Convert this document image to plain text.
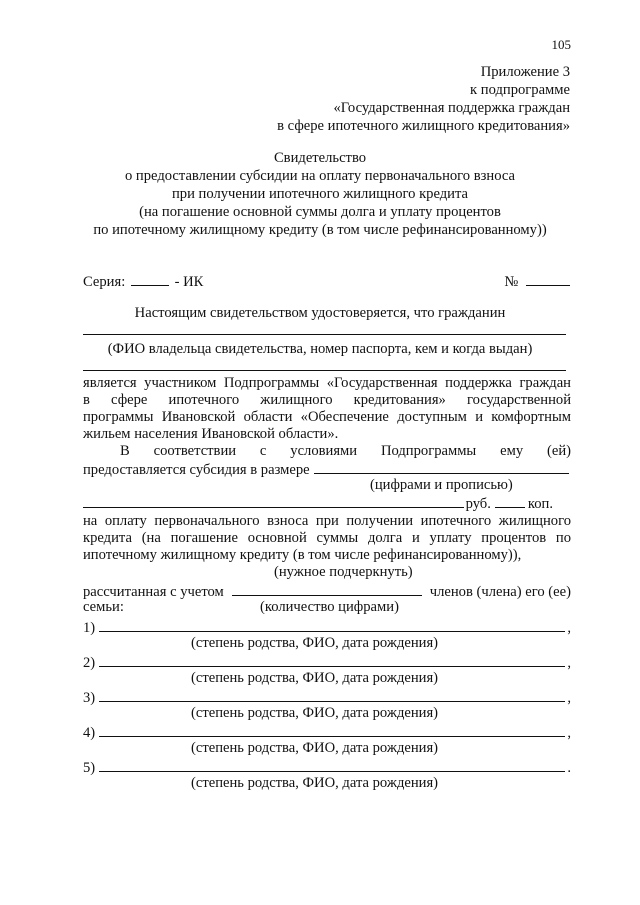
105
Приложение 3
к подпрограмме
«Государственная поддержка граждан
в сфере ипотечного жилищного кредитования»
Свидетельство
о предоставлении субсидии на оплату первоначального взноса
при получении ипотечного жилищного кредита
(на погашение основной суммы долга и уплату процентов
по ипотечному жилищному кредиту (в том числе рефинансированному))
Серия:	- ИК	№
Настоящим свидетельством удостоверяется, что гражданин
(ФИО владельца свидетельства, номер паспорта, кем и когда выдан)
является участником Подпрограммы «Государственная поддержка граждан
в сфере ипотечного жилищного кредитования» государственной
программы Ивановской области «Обеспечение доступным и комфортным
жильем населения Ивановской области».
В соответствии с условиями Подпрограммы ему (ей)
предоставляется субсидия в размере
(цифрами и прописью)
руб.	коп.
на оплату первоначального взноса при получении ипотечного жилищного
кредита (на погашение основной суммы долга и уплату процентов по
ипотечному жилищному кредиту (в том числе рефинансированному)),
(нужное подчеркнуть)
рассчитанная с учетом	членов (члена) его (ее)
семьи:	(количество цифрами)
1)	,
(степень родства, ФИО, дата рождения)
2)	,
(степень родства, ФИО, дата рождения)
3)	,
(степень родства, ФИО, дата рождения)
4)	,
(степень родства, ФИО, дата рождения)
5)	.
(степень родства, ФИО, дата рождения)
